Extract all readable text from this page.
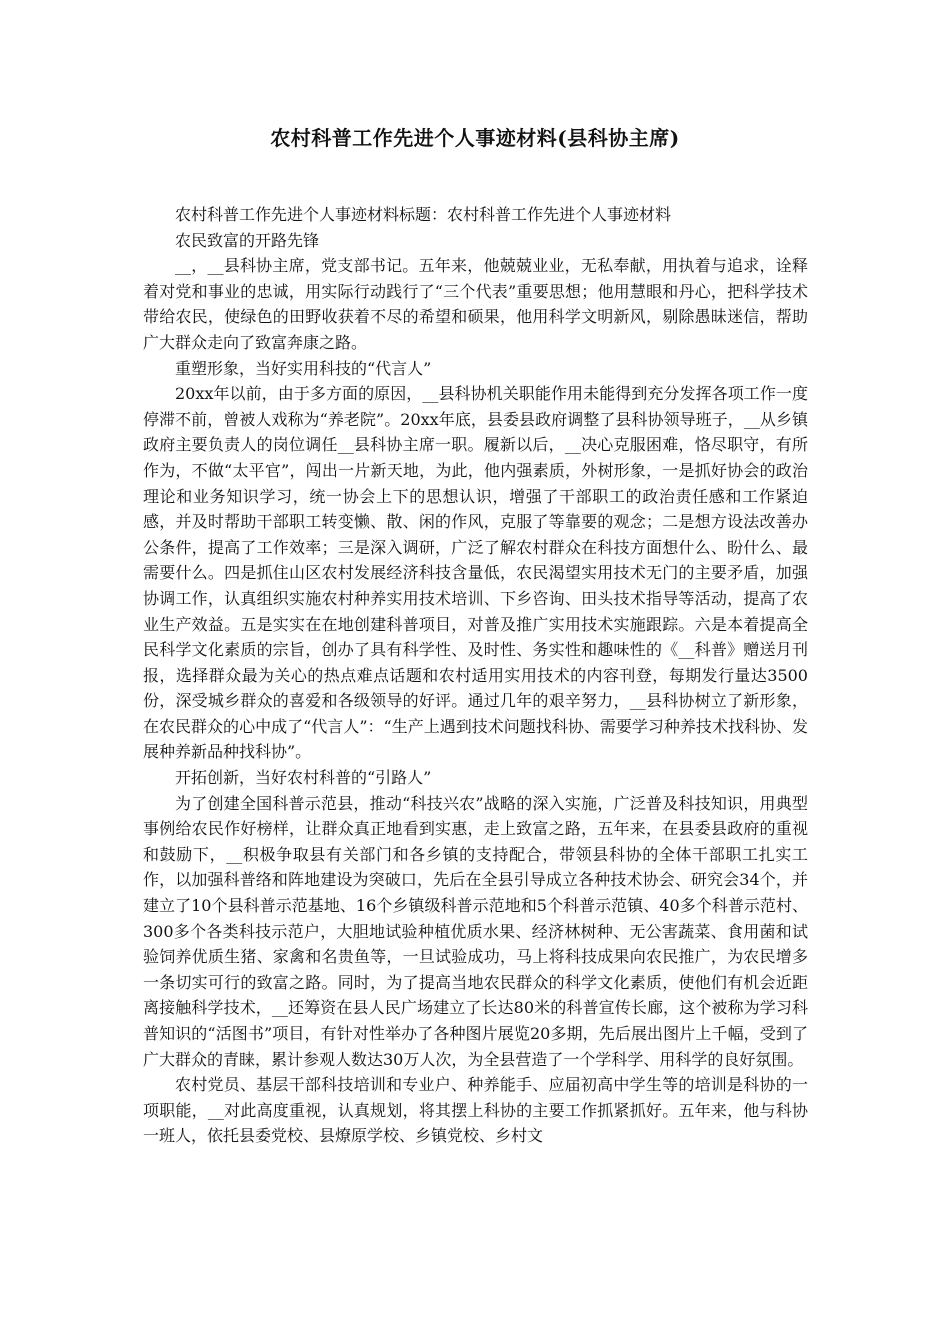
农村科普工作先进个人事迹材料(县科协主席)

农村科普工作先进个人事迹材料标题：农村科普工作先进个人事迹材料

农民致富的开路先锋

__，__县科协主席，党支部书记。五年来，他兢兢业业，无私奉献，用执着与追求，诠释着对党和事业的忠诚，用实际行动践行了“三个代表”重要思想；他用慧眼和丹心，把科学技术带给农民，使绿色的田野收获着不尽的希望和硕果，他用科学文明新风，剔除愚昧迷信，帮助广大群众走向了致富奔康之路。

重塑形象，当好实用科技的“代言人”

20xx年以前，由于多方面的原因，__县科协机关职能作用未能得到充分发挥各项工作一度停滞不前，曾被人戏称为“养老院”。20xx年底，县委县政府调整了县科协领导班子，__从乡镇政府主要负责人的岗位调任__县科协主席一职。履新以后，__决心克服困难，恪尽职守，有所作为，不做“太平官”，闯出一片新天地，为此，他内强素质，外树形象，一是抓好协会的政治理论和业务知识学习，统一协会上下的思想认识，增强了干部职工的政治责任感和工作紧迫感，并及时帮助干部职工转变懒、散、闲的作风，克服了等靠要的观念；二是想方设法改善办公条件，提高了工作效率；三是深入调研，广泛了解农村群众在科技方面想什么、盼什么、最需要什么。四是抓住山区农村发展经济科技含量低，农民渴望实用技术无门的主要矛盾，加强协调工作，认真组织实施农村种养实用技术培训、下乡咨询、田头技术指导等活动，提高了农业生产效益。五是实实在在地创建科普项目，对普及推广实用技术实施跟踪。六是本着提高全民科学文化素质的宗旨，创办了具有科学性、及时性、务实性和趣味性的《__科普》赠送月刊报，选择群众最为关心的热点难点话题和农村适用实用技术的内容刊登，每期发行量达3500份，深受城乡群众的喜爱和各级领导的好评。通过几年的艰辛努力，__县科协树立了新形象，在农民群众的心中成了“代言人”：“生产上遇到技术问题找科协、需要学习种养技术找科协、发展种养新品种找科协”。

开拓创新，当好农村科普的“引路人”

为了创建全国科普示范县，推动“科技兴农”战略的深入实施，广泛普及科技知识，用典型事例给农民作好榜样，让群众真正地看到实惠，走上致富之路，五年来，在县委县政府的重视和鼓励下，__积极争取县有关部门和各乡镇的支持配合，带领县科协的全体干部职工扎实工作，以加强科普络和阵地建设为突破口，先后在全县引导成立各种技术协会、研究会34个，并建立了10个县科普示范基地、16个乡镇级科普示范地和5个科普示范镇、40多个科普示范村、300多个各类科技示范户，大胆地试验种植优质水果、经济林树种、无公害蔬菜、食用菌和试验饲养优质生猪、家禽和名贵鱼等，一旦试验成功，马上将科技成果向农民推广，为农民增多一条切实可行的致富之路。同时，为了提高当地农民群众的科学文化素质，使他们有机会近距离接触科学技术，__还筹资在县人民广场建立了长达80米的科普宣传长廊，这个被称为学习科普知识的“活图书”项目，有针对性举办了各种图片展览20多期，先后展出图片上千幅，受到了广大群众的青睐，累计参观人数达30万人次，为全县营造了一个学科学、用科学的良好氛围。

农村党员、基层干部科技培训和专业户、种养能手、应届初高中学生等的培训是科协的一项职能，__对此高度重视，认真规划，将其摆上科协的主要工作抓紧抓好。五年来，他与科协一班人，依托县委党校、县燎原学校、乡镇党校、乡村文
